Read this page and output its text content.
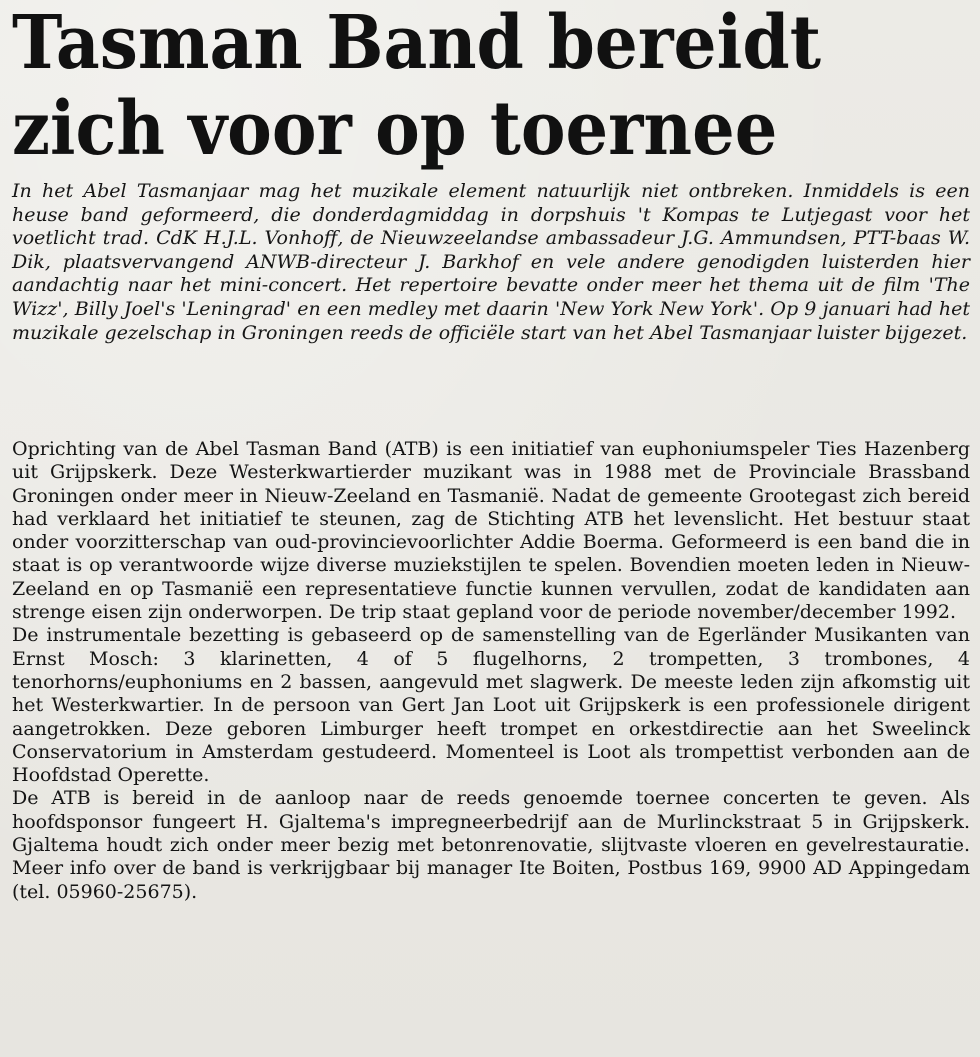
Tasman Band bereidt
zich voor op toernee

In het Abel Tasmanjaar mag het muzikale element natuurlijk niet ontbreken. Inmiddels is een heuse band geformeerd, die donderdagmiddag in dorpshuis 't Kompas te Lutjegast voor het voetlicht trad. CdK H.J.L. Vonhoff, de Nieuwzeelandse ambassadeur J.G. Ammundsen, PTT-baas W. Dik, plaatsvervangend ANWB-directeur J. Barkhof en vele andere genodigden luisterden hier aandachtig naar het mini-concert. Het repertoire bevatte onder meer het thema uit de film 'The Wizz', Billy Joel's 'Leningrad' en een medley met daarin 'New York New York'. Op 9 januari had het muzikale gezelschap in Groningen reeds de officiële start van het Abel Tasmanjaar luister bijgezet.

Oprichting van de Abel Tasman Band (ATB) is een initiatief van euphoniumspeler Ties Hazenberg uit Grijpskerk. Deze Westerkwartierder muzikant was in 1988 met de Provinciale Brassband Groningen onder meer in Nieuw-Zeeland en Tasmanië. Nadat de gemeente Grootegast zich bereid had verklaard het initiatief te steunen, zag de Stichting ATB het levenslicht. Het bestuur staat onder voorzitterschap van oud-provincievoorlichter Addie Boerma. Geformeerd is een band die in staat is op verantwoorde wijze diverse muziekstijlen te spelen. Bovendien moeten leden in Nieuw-Zeeland en op Tasmanië een representatieve functie kunnen vervullen, zodat de kandidaten aan strenge eisen zijn onderworpen. De trip staat gepland voor de periode november/december 1992.

De instrumentale bezetting is gebaseerd op de samenstelling van de Egerländer Musikanten van Ernst Mosch: 3 klarinetten, 4 of 5 flugelhorns, 2 trompetten, 3 trombones, 4 tenorhorns/euphoniums en 2 bassen, aangevuld met slagwerk. De meeste leden zijn afkomstig uit het Westerkwartier. In de persoon van Gert Jan Loot uit Grijpskerk is een professionele dirigent aangetrokken. Deze geboren Limburger heeft trompet en orkestdirectie aan het Sweelinck Conservatorium in Amsterdam gestudeerd. Momenteel is Loot als trompettist verbonden aan de Hoofdstad Operette.

De ATB is bereid in de aanloop naar de reeds genoemde toernee concerten te geven. Als hoofdsponsor fungeert H. Gjaltema's impregneerbedrijf aan de Murlinckstraat 5 in Grijpskerk. Gjaltema houdt zich onder meer bezig met betonrenovatie, slijtvaste vloeren en gevelrestauratie. Meer info over de band is verkrijgbaar bij manager Ite Boiten, Postbus 169, 9900 AD Appingedam (tel. 05960-25675).
